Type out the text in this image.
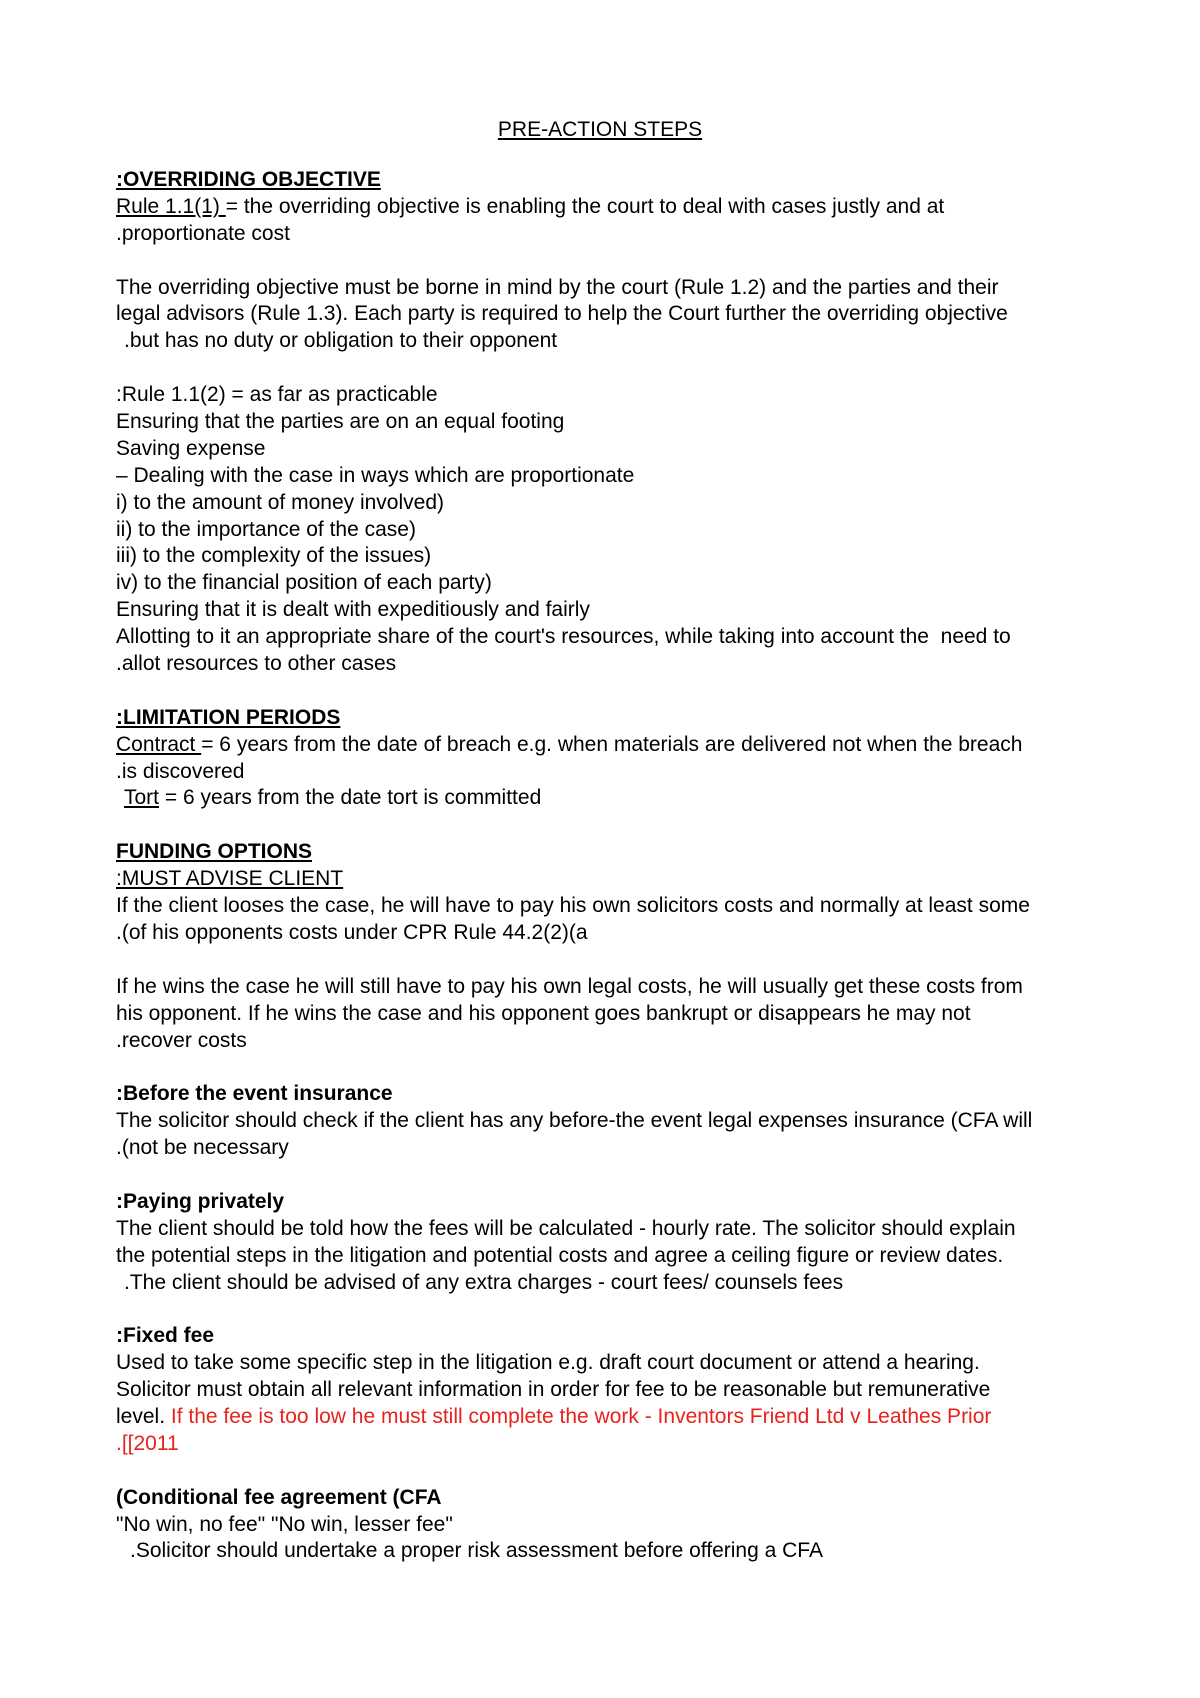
PRE-ACTION STEPS
:OVERRIDING OBJECTIVE
Rule 1.1(1) = the overriding objective is enabling the court to deal with cases justly and at
.proportionate cost
The overriding objective must be borne in mind by the court (Rule 1.2) and the parties and their
legal advisors (Rule 1.3). Each party is required to help the Court further the overriding objective
.but has no duty or obligation to their opponent
:Rule 1.1(2) = as far as practicable
Ensuring that the parties are on an equal footing
Saving expense
– Dealing with the case in ways which are proportionate
i) to the amount of money involved)
ii) to the importance of the case)
iii) to the complexity of the issues)
iv) to the financial position of each party)
Ensuring that it is dealt with expeditiously and fairly
Allotting to it an appropriate share of the court's resources, while taking into account the  need to
.allot resources to other cases
:LIMITATION PERIODS
Contract = 6 years from the date of breach e.g. when materials are delivered not when the breach
.is discovered
Tort = 6 years from the date tort is committed
FUNDING OPTIONS
:MUST ADVISE CLIENT
If the client looses the case, he will have to pay his own solicitors costs and normally at least some
.(of his opponents costs under CPR Rule 44.2(2)(a
If he wins the case he will still have to pay his own legal costs, he will usually get these costs from
his opponent. If he wins the case and his opponent goes bankrupt or disappears he may not
.recover costs
:Before the event insurance
The solicitor should check if the client has any before-the event legal expenses insurance (CFA will
.(not be necessary
:Paying privately
The client should be told how the fees will be calculated - hourly rate. The solicitor should explain
the potential steps in the litigation and potential costs and agree a ceiling figure or review dates.
.The client should be advised of any extra charges - court fees/ counsels fees
:Fixed fee
Used to take some specific step in the litigation e.g. draft court document or attend a hearing.
Solicitor must obtain all relevant information in order for fee to be reasonable but remunerative
level. If the fee is too low he must still complete the work - Inventors Friend Ltd v Leathes Prior
.[[2011
(Conditional fee agreement (CFA
"No win, no fee" "No win, lesser fee"
.Solicitor should undertake a proper risk assessment before offering a CFA
